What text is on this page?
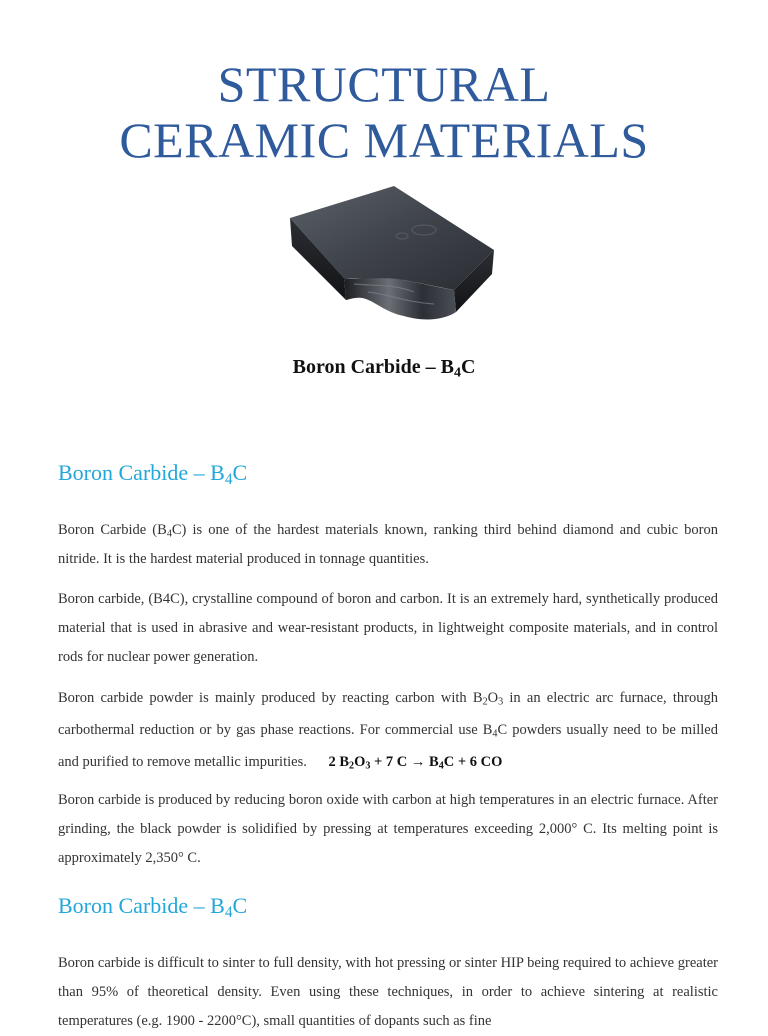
STRUCTURAL
CERAMIC MATERIALS
Boron Carbide – $B_4C$
Boron Carbide – $B_4C$

Boron Carbide $(B_4C)$ is one of the hardest materials known, ranking third behind diamond and cubic boron nitride. It is the hardest material produced in tonnage quantities.

Boron carbide, (B4C), crystalline compound of boron and carbon. It is an extremely hard, synthetically produced material that is used in abrasive and wear-resistant products, in lightweight composite materials, and in control rods for nuclear power generation.

Boron carbide powder is mainly produced by reacting carbon with $B_2O_3$ in an electric arc furnace, through carbothermal reduction or by gas phase reactions. For commercial use $B_4C$ powders usually need to be milled and purified to remove metallic impurities. 2 $B_2O_3 + 7$ $C \to B_4C + 6$ CO

Boron carbide is produced by reducing boron oxide with carbon at high temperatures in an electric furnace. After grinding, the black powder is solidified by pressing at temperatures exceeding 2,000° C. Its melting point is approximately 2,350° C.

Boron Carbide – $B_4C$

Boron carbide is difficult to sinter to full density, with hot pressing or sinter HIP being required to achieve greater than 95% of theoretical density. Even using these techniques, in order to achieve sintering at realistic temperatures (e.g. 1900 - 2200°C), small quantities of dopants such as fine
